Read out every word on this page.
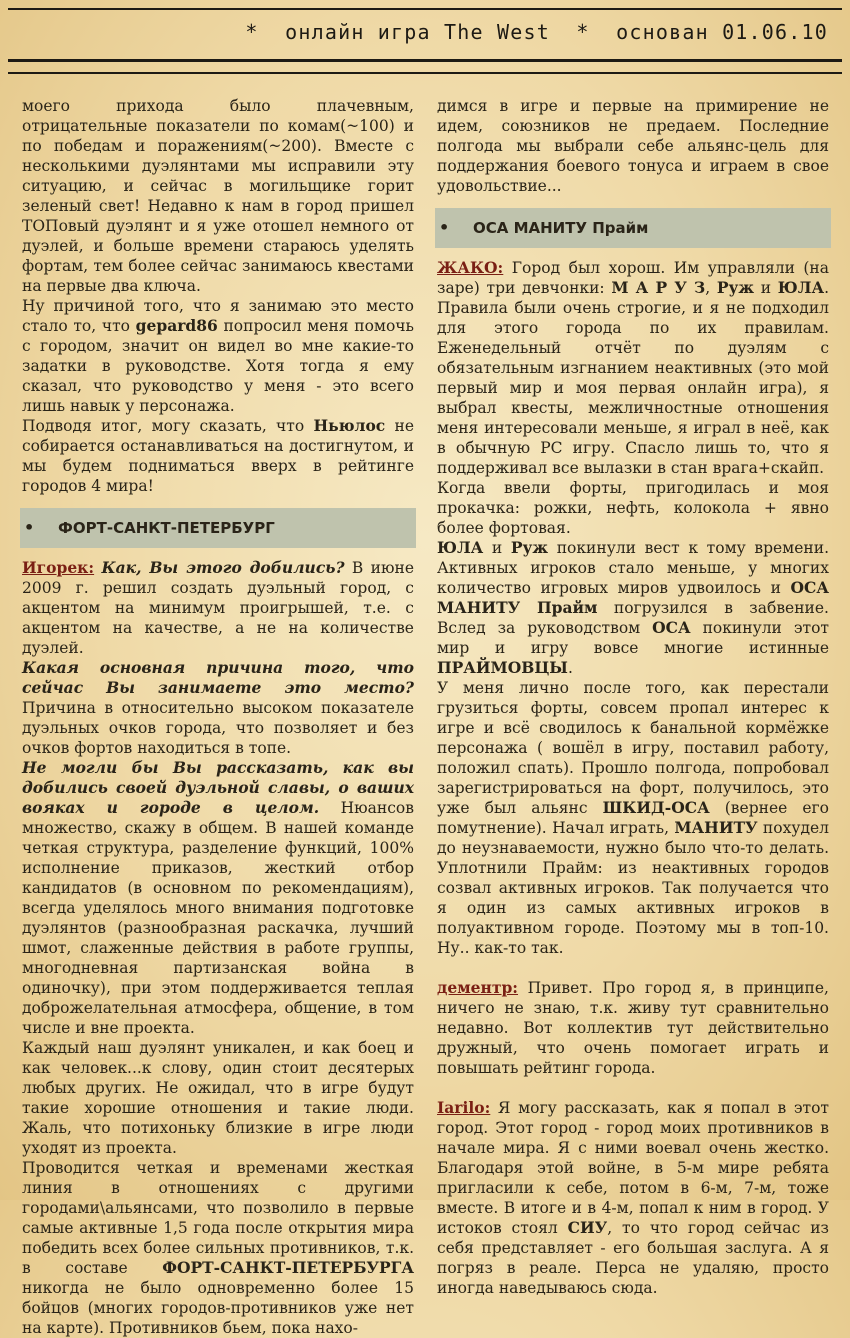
*  онлайн игра The West  *  основан 01.06.10

моего прихода было плачевным, отрицательные показатели по комам(~100) и по победам и поражениям(~200). Вместе с несколькими дуэлянтами мы исправили эту ситуацию, и сейчас в могильщике горит зеленый свет! Недавно к нам в город пришел ТОПовый дуэлянт и я уже отошел немного от дуэлей, и больше времени стараюсь уделять фортам, тем более сейчас занимаюсь квестами на первые два ключа.

Ну причиной того, что я занимаю это место стало то, что gepard86 попросил меня помочь с городом, значит он видел во мне какие-то задатки в руководстве. Хотя тогда я ему сказал, что руководство у меня - это всего лишь навык у персонажа.

Подводя итог, могу сказать, что Ньюлос не собирается останавливаться на достигнутом, и мы будем подниматься вверх в рейтинге городов 4 мира!

• ФОРТ-САНКТ-ПЕТЕРБУРГ

Игорек: Как, Вы этого добились? В июне 2009 г. решил создать дуэльный город, с акцентом на минимум проигрышей, т.е. с акцентом на качестве, а не на количестве дуэлей.

Какая основная причина того, что сейчас Вы занимаете это место? Причина в относительно высоком показателе дуэльных очков города, что позволяет и без очков фортов находиться в топе.

Не могли бы Вы рассказать, как вы добились своей дуэльной славы, о ваших вояках и городе в целом. Нюансов множество, скажу в общем. В нашей команде четкая структура, разделение функций, 100% исполнение приказов, жесткий отбор кандидатов (в основном по рекомендациям), всегда уделялось много внимания подготовке дуэлянтов (разнообразная раскачка, лучший шмот, слаженные действия в работе группы, многодневная партизанская война в одиночку), при этом поддерживается теплая доброжелательная атмосфера, общение, в том числе и вне проекта.

Каждый наш дуэлянт уникален, и как боец и как человек...к слову, один стоит десятерых любых других. Не ожидал, что в игре будут такие хорошие отношения и такие люди. Жаль, что потихоньку близкие в игре люди уходят из проекта.

Проводится четкая и временами жесткая линия в отношениях с другими городами\альянсами, что позволило в первые самые активные 1,5 года после открытия мира победить всех более сильных противников, т.к. в составе ФОРТ-САНКТ-ПЕТЕРБУРГА никогда не было одновременно более 15 бойцов (многих городов-противников уже нет на карте). Противников бьем, пока нахо-

димся в игре и первые на примирение не идем, союзников не предаем. Последние полгода мы выбрали себе альянс-цель для поддержания боевого тонуса и играем в свое удовольствие...

• ОСА МАНИТУ Прайм

ЖАКО: Город был хорош. Им управляли (на заре) три девчонки: М А Р У З, Руж и ЮЛА. Правила были очень строгие, и я не подходил для этого города по их правилам. Еженедельный отчёт по дуэлям с обязательным изгнанием неактивных (это мой первый мир и моя первая онлайн игра), я выбрал квесты, межличностные отношения меня интересовали меньше, я играл в неё, как в обычную РС игру. Спасло лишь то, что я поддерживал все вылазки в стан врага+скайп.

Когда ввели форты, пригодилась и моя прокачка: рожки, нефть, колокола + явно более фортовая.

ЮЛА и Руж покинули вест к тому времени. Активных игроков стало меньше, у многих количество игровых миров удвоилось и ОСА МАНИТУ Прайм погрузился в забвение. Вслед за руководством ОСА покинули этот мир и игру вовсе многие истинные ПРАЙМОВЦЫ.

У меня лично после того, как перестали грузиться форты, совсем пропал интерес к игре и всё сводилось к банальной кормёжке персонажа ( вошёл в игру, поставил работу, положил спать). Прошло полгода, попробовал зарегистрироваться на форт, получилось, это уже был альянс ШКИД-ОСА (вернее его помутнение). Начал играть, МАНИТУ похудел до неузнаваемости, нужно было что-то делать. Уплотнили Прайм: из неактивных городов созвал активных игроков. Так получается что я один из самых активных игроков в полуактивном городе. Поэтому мы в топ-10. Ну.. как-то так.

дементр: Привет. Про город я, в принципе, ничего не знаю, т.к. живу тут сравнительно недавно. Вот коллектив тут действительно дружный, что очень помогает играть и повышать рейтинг города.

Iarilo: Я могу рассказать, как я попал в этот город. Этот город - город моих противников в начале мира. Я с ними воевал очень жестко. Благодаря этой войне, в 5-м мире ребята пригласили к себе, потом в 6-м, 7-м, тоже вместе. В итоге и в 4-м, попал к ним в город. У истоков стоял СИУ, то что город сейчас из себя представляет - его большая заслуга. А я погряз в реале. Перса не удаляю, просто иногда наведываюсь сюда.
